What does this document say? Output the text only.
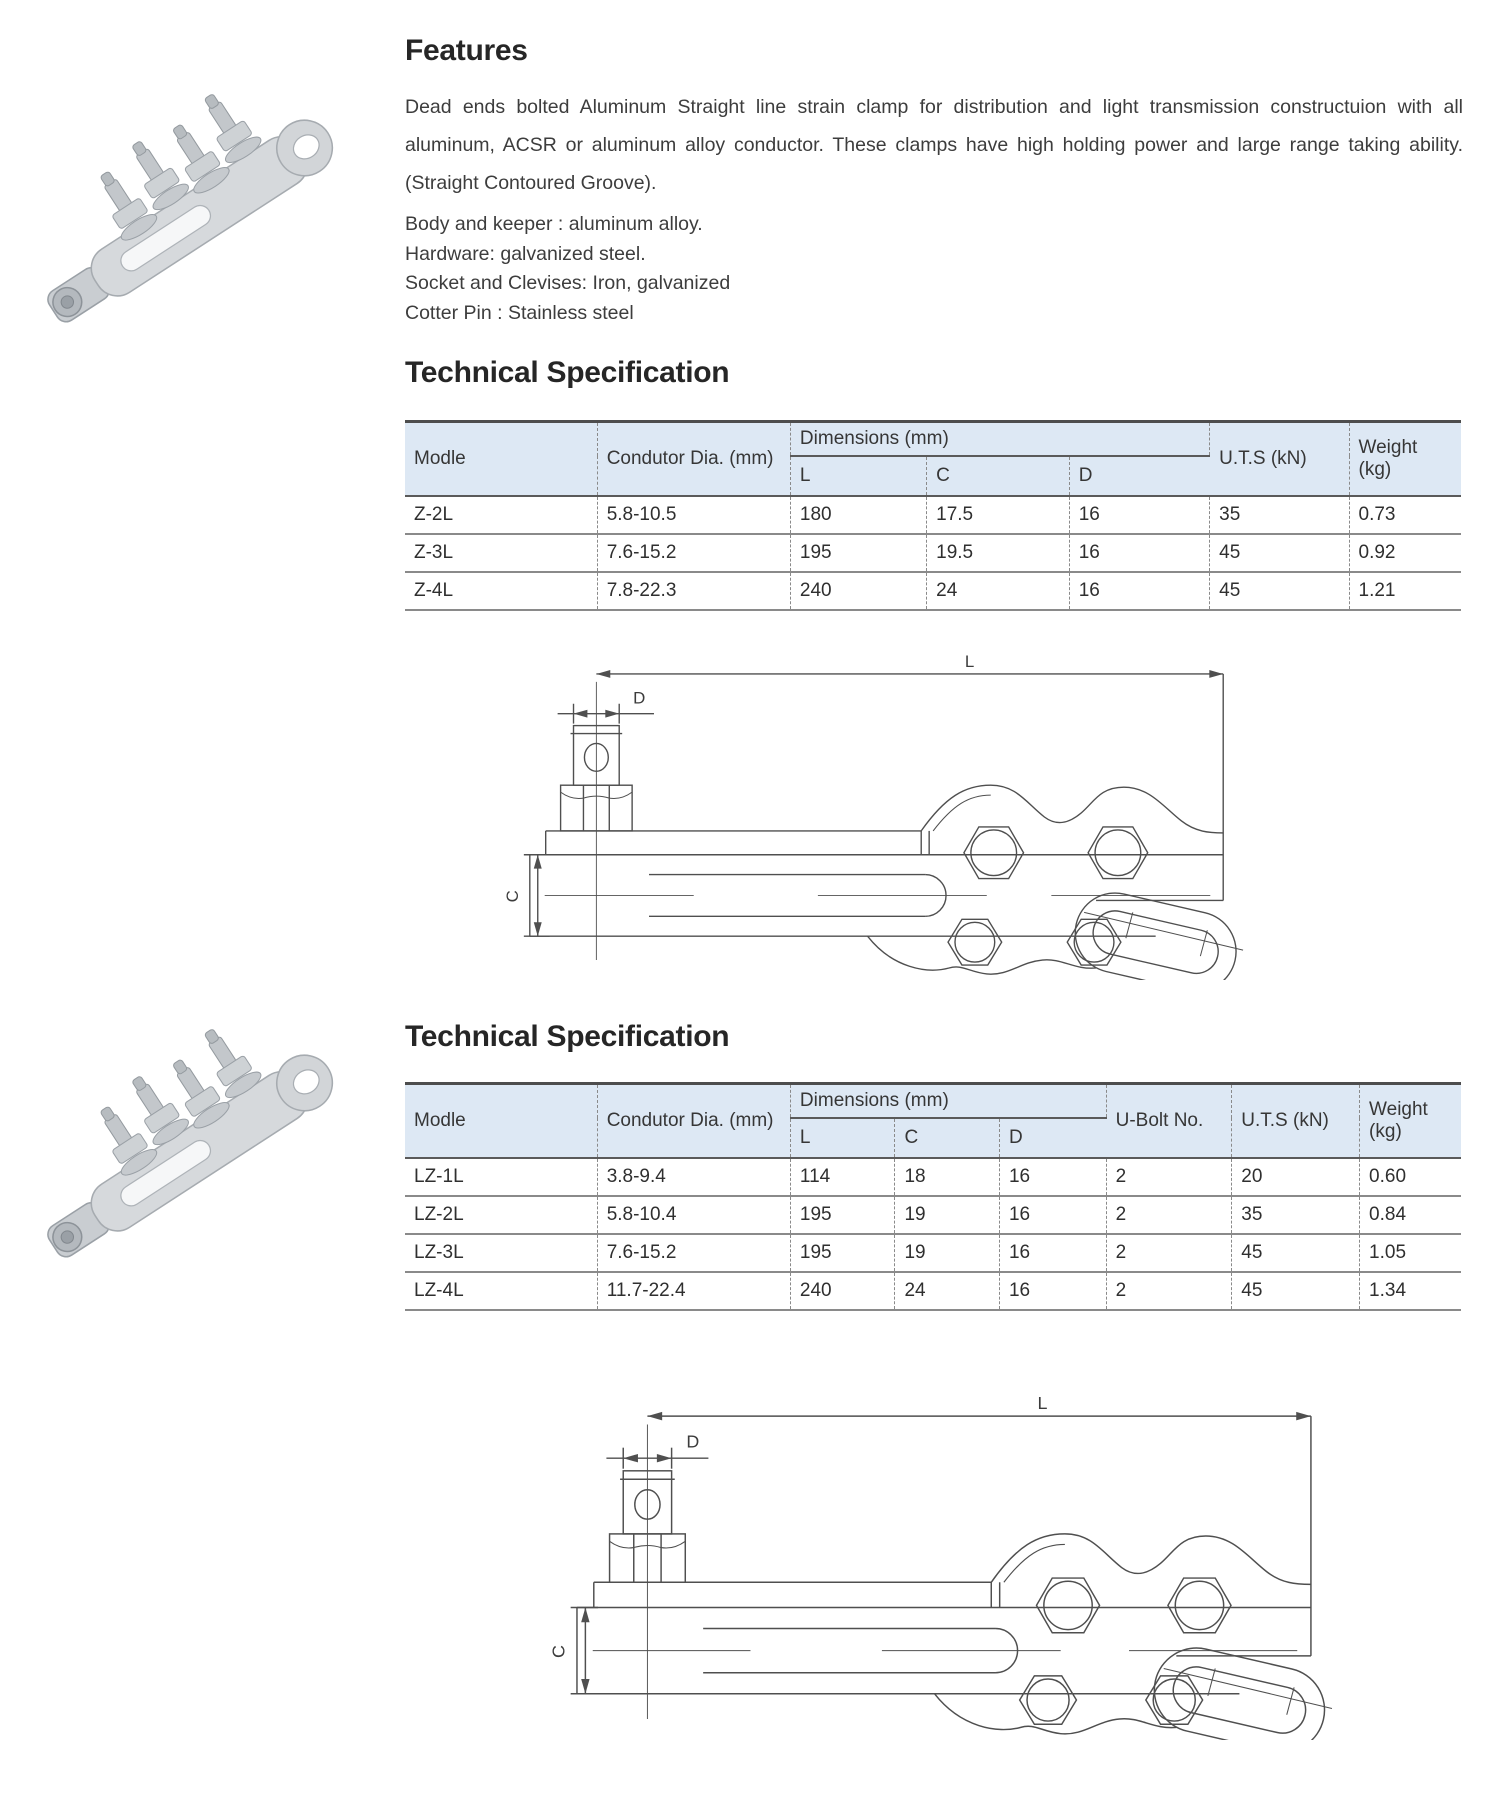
Features

Dead ends bolted Aluminum Straight line strain clamp for distribution and light transmission constructuion with all aluminum, ACSR or aluminum alloy conductor. These clamps have high holding power and large range taking ability. (Straight Contoured Groove).

Body and keeper : aluminum alloy.
Hardware: galvanized steel.
Socket and Clevises: Iron, galvanized
Cotter Pin : Stainless steel
Technical Specification
Modle	Condutor Dia. (mm)	Dimensions (mm)			U.T.S (kN)	Weight (kg)
		L	C	D		
Z-2L	5.8-10.5	180	17.5	16	35	0.73
Z-3L	7.6-15.2	195	19.5	16	45	0.92
Z-4L	7.8-22.3	240	24	16	45	1.21
Technical Specification
Modle	Condutor Dia. (mm)	Dimensions (mm)			U-Bolt No.	U.T.S (kN)	Weight (kg)
		L	C	D			
LZ-1L	3.8-9.4	114	18	16	2	20	0.60
LZ-2L	5.8-10.4	195	19	16	2	35	0.84
LZ-3L	7.6-15.2	195	19	16	2	45	1.05
LZ-4L	11.7-22.4	240	24	16	2	45	1.34
